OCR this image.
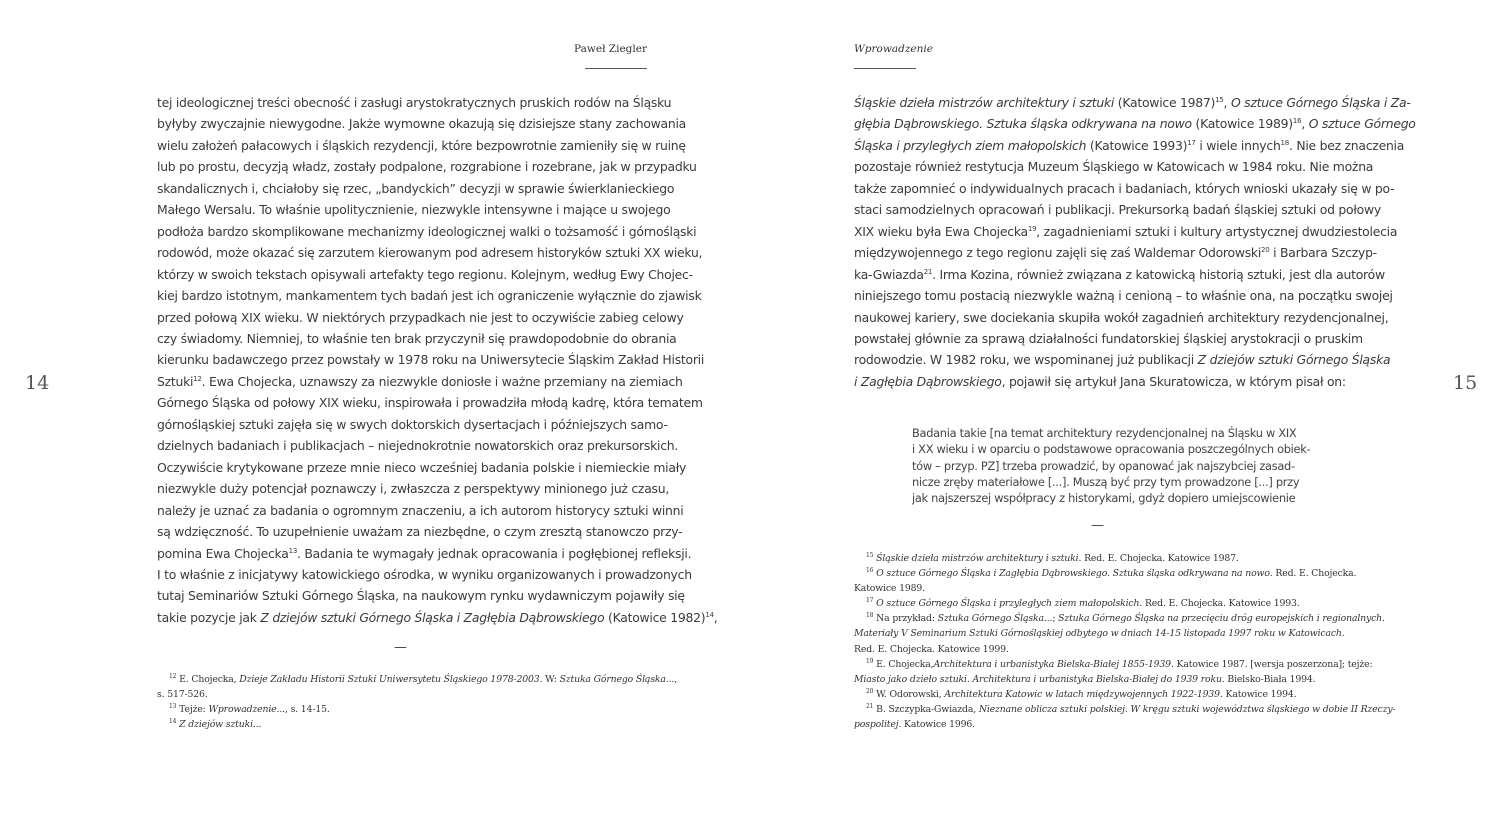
Paweł Ziegler
14
tej ideologicznej treści obecność i zasługi arystokratycznych pruskich rodów na Śląsku
byłyby zwyczajnie niewygodne. Jakże wymowne okazują się dzisiejsze stany zachowania
wielu założeń pałacowych i śląskich rezydencji, które bezpowrotnie zamieniły się w ruinę
lub po prostu, decyzją władz, zostały podpalone, rozgrabione i rozebrane, jak w przypadku
skandalicznych i, chciałoby się rzec, „bandyckich” decyzji w sprawie świerklanieckiego
Małego Wersalu. To właśnie upolitycznienie, niezwykle intensywne i mające u swojego
podłoża bardzo skomplikowane mechanizmy ideologicznej walki o tożsamość i górnośląski
rodowód, może okazać się zarzutem kierowanym pod adresem historyków sztuki XX wieku,
którzy w swoich tekstach opisywali artefakty tego regionu. Kolejnym, według Ewy Chojec-
kiej bardzo istotnym, mankamentem tych badań jest ich ograniczenie wyłącznie do zjawisk
przed połową XIX wieku. W niektórych przypadkach nie jest to oczywiście zabieg celowy
czy świadomy. Niemniej, to właśnie ten brak przyczynił się prawdopodobnie do obrania
kierunku badawczego przez powstały w 1978 roku na Uniwersytecie Śląskim Zakład Historii
Sztuki$^{12}$. Ewa Chojecka, uznawszy za niezwykle doniosłe i ważne przemiany na ziemiach
Górnego Śląska od połowy XIX wieku, inspirowała i prowadziła młodą kadrę, która tematem
górnośląskiej sztuki zajęła się w swych doktorskich dysertacjach i późniejszych samo-
dzielnych badaniach i publikacjach – niejednokrotnie nowatorskich oraz prekursorskich.
Oczywiście krytykowane przeze mnie nieco wcześniej badania polskie i niemieckie miały
niezwykle duży potencjał poznawczy i, zwłaszcza z perspektywy minionego już czasu,
należy je uznać za badania o ogromnym znaczeniu, a ich autorom historycy sztuki winni
są wdzięczność. To uzupełnienie uważam za niezbędne, o czym zresztą stanowczo przy-
pomina Ewa Chojecka$^{13}$. Badania te wymagały jednak opracowania i pogłębionej refleksji.
I to właśnie z inicjatywy katowickiego ośrodka, w wyniku organizowanych i prowadzonych
tutaj Seminariów Sztuki Górnego Śląska, na naukowym rynku wydawniczym pojawiły się
takie pozycje jak Z dziejów sztuki Górnego Śląska i Zagłębia Dąbrowskiego (Katowice 1982)$^{14}$,
—
$^{12}$ E. Chojecka, Dzieje Zakładu Historii Sztuki Uniwersytetu Śląskiego 1978-2003. W: Sztuka Górnego Śląska...,
s. 517-526.
$^{13}$ Tejże: Wprowadzenie..., s. 14-15.
$^{14}$ Z dziejów sztuki...
Wprowadzenie
15
Śląskie dzieła mistrzów architektury i sztuki (Katowice 1987)$^{15}$, O sztuce Górnego Śląska i Za-
głębia Dąbrowskiego. Sztuka śląska odkrywana na nowo (Katowice 1989)$^{16}$, O sztuce Górnego
Śląska i przyległych ziem małopolskich (Katowice 1993)$^{17}$ i wiele innych$^{18}$. Nie bez znaczenia
pozostaje również restytucja Muzeum Śląskiego w Katowicach w 1984 roku. Nie można
także zapomnieć o indywidualnych pracach i badaniach, których wnioski ukazały się w po-
staci samodzielnych opracowań i publikacji. Prekursorką badań śląskiej sztuki od połowy
XIX wieku była Ewa Chojecka$^{19}$, zagadnieniami sztuki i kultury artystycznej dwudziestolecia
międzywojennego z tego regionu zajęli się zaś Waldemar Odorowski$^{20}$ i Barbara Szczyp-
ka-Gwiazda$^{21}$. Irma Kozina, również związana z katowicką historią sztuki, jest dla autorów
niniejszego tomu postacią niezwykle ważną i cenioną – to właśnie ona, na początku swojej
naukowej kariery, swe dociekania skupiła wokół zagadnień architektury rezydencjonalnej,
powstałej głównie za sprawą działalności fundatorskiej śląskiej arystokracji o pruskim
rodowodzie. W 1982 roku, we wspominanej już publikacji Z dziejów sztuki Górnego Śląska
i Zagłębia Dąbrowskiego, pojawił się artykuł Jana Skuratowicza, w którym pisał on:
Badania takie [na temat architektury rezydencjonalnej na Śląsku w XIX
i XX wieku i w oparciu o podstawowe opracowania poszczególnych obiek-
tów – przyp. PZ] trzeba prowadzić, by opanować jak najszybciej zasad-
nicze zręby materiałowe [...]. Muszą być przy tym prowadzone [...] przy
jak najszerszej współpracy z historykami, gdyż dopiero umiejscowienie
—
$^{15}$ Śląskie dzieła mistrzów architektury i sztuki. Red. E. Chojecka. Katowice 1987.
$^{16}$ O sztuce Górnego Śląska i Zagłębia Dąbrowskiego. Sztuka śląska odkrywana na nowo. Red. E. Chojecka.
Katowice 1989.
$^{17}$ O sztuce Górnego Śląska i przyległych ziem małopolskich. Red. E. Chojecka. Katowice 1993.
$^{18}$ Na przykład: Sztuka Górnego Śląska...; Sztuka Górnego Śląska na przecięciu dróg europejskich i regionalnych.
Materiały V Seminarium Sztuki Górnośląskiej odbytego w dniach 14-15 listopada 1997 roku w Katowicach.
Red. E. Chojecka. Katowice 1999.
$^{19}$ E. Chojecka,Architektura i urbanistyka Bielska-Białej 1855-1939. Katowice 1987. [wersja poszerzona]; tejże:
Miasto jako dzieło sztuki. Architektura i urbanistyka Bielska-Białej do 1939 roku. Bielsko-Biała 1994.
$^{20}$ W. Odorowski, Architektura Katowic w latach międzywojennych 1922-1939. Katowice 1994.
$^{21}$ B. Szczypka-Gwiazda, Nieznane oblicza sztuki polskiej. W kręgu sztuki województwa śląskiego w dobie II Rzeczy-
pospolitej. Katowice 1996.
